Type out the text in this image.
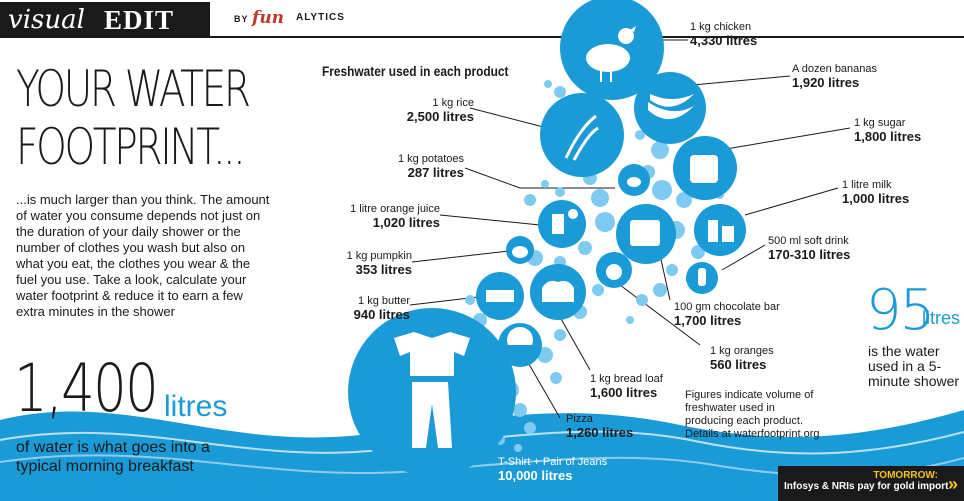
visual EDIT	BY fun ALYTICS
YOUR WATER
FOOTPRINT...

...is much larger than you think. The amount of water you consume depends not just on the duration of your daily shower or the number of clothes you wash but also on what you eat, the clothes you wear & the fuel you use. Take a look, calculate your water footprint & reduce it to earn a few extra minutes in the shower

1,400 litres
of water is what goes into a typical morning breakfast
Freshwater used in each product
1 kg chicken
4,330 litres
A dozen bananas
1,920 litres
1 kg sugar
1,800 litres
1 litre milk
1,000 litres
500 ml soft drink
170-310 litres
100 gm chocolate bar
1,700 litres
1 kg oranges
560 litres
1 kg bread loaf
1,600 litres
Pizza
1,260 litres
1 kg rice
2,500 litres
1 kg potatoes
287 litres
1 litre orange juice
1,020 litres
1 kg pumpkin
353 litres
1 kg butter
940 litres	95
litres
is the water used in a 5-minute shower
Figures indicate volume of freshwater used in producing each product. Details at waterfootprint.org
T-Shirt + Pair of Jeans
10,000 litres	TOMORROW:
Infosys & NRIs pay for gold import »
